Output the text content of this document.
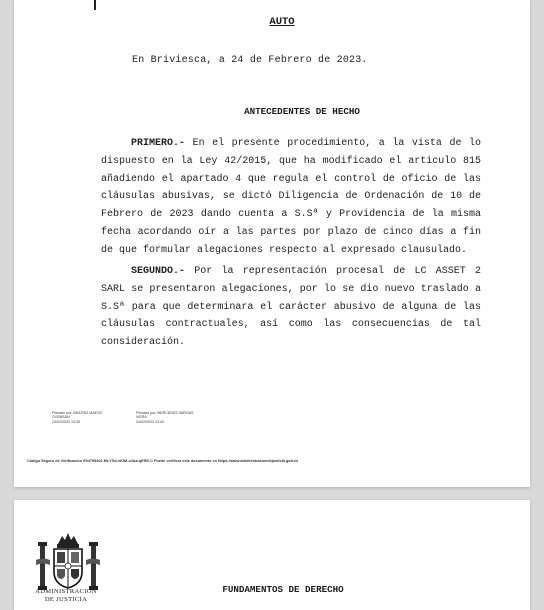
AUTO
En Briviesca, a 24 de Febrero de 2023.
ANTECEDENTES DE HECHO
PRIMERO.- En el presente procedimiento, a la vista de lo dispuesto en la Ley 42/2015, que ha modificado el articulo 815 añadiendo el apartado 4 que regula el control de oficio de las cláusulas abusivas, se dictó Diligencia de Ordenación de 10 de Febrero de 2023 dando cuenta a S.Sª y Providencia de la misma fecha acordando oír a las partes por plazo de cinco días a fin de que formular alegaciones respecto al expresado clausulado.
SEGUNDO.- Por la representación procesal de LC ASSET 2 SARL se presentaron alegaciones, por lo se dio nuevo traslado a S.Sª para que determinara el carácter abusivo de alguna de las cláusulas contractuales, así como las consecuencias de tal consideración.
Firmado por: BEATRIZ MAESO
OYENSAN
24/02/2023 13:39
Firmado por: MERCEDES VARGAS
VIERA
24/02/2023 13:42
Código Seguro de Verificación E04799402-MI:YSd-nKiM-v4Aa-qERE-C Puede verificar este documento en https://www.administraciondejusticia.gob.es
ADMINISTRACION
DE JUSTICIA
FUNDAMENTOS DE DERECHO
